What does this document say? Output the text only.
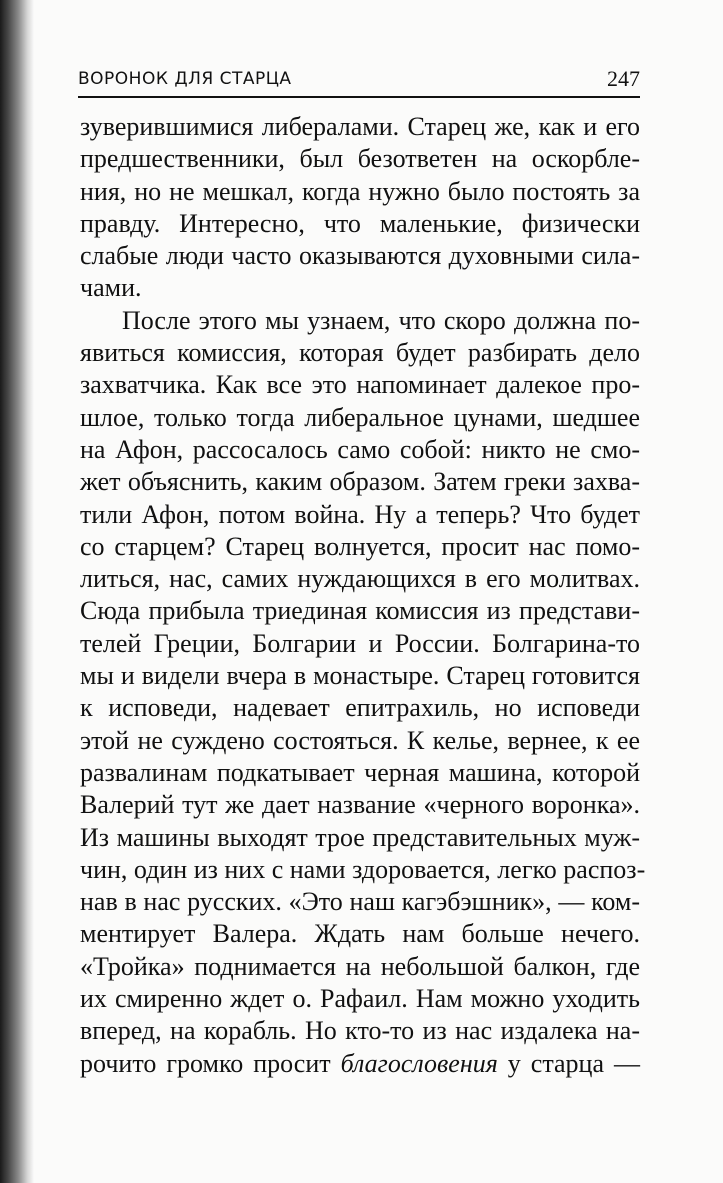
ВОРОНОК ДЛЯ СТАРЦА	247
зуверившимися либералами. Старец же, как и его
предшественники, был безответен на оскорбле-
ния, но не мешкал, когда нужно было постоять за
правду. Интересно, что маленькие, физически
слабые люди часто оказываются духовными сила-
чами.
После этого мы узнаем, что скоро должна по-
явиться комиссия, которая будет разбирать дело
захватчика. Как все это напоминает далекое про-
шлое, только тогда либеральное цунами, шедшее
на Афон, рассосалось само собой: никто не смо-
жет объяснить, каким образом. Затем греки захва-
тили Афон, потом война. Ну а теперь? Что будет
со старцем? Старец волнуется, просит нас помо-
литься, нас, самих нуждающихся в его молитвах.
Сюда прибыла триединая комиссия из представи-
телей Греции, Болгарии и России. Болгарина-то
мы и видели вчера в монастыре. Старец готовится
к исповеди, надевает епитрахиль, но исповеди
этой не суждено состояться. К келье, вернее, к ее
развалинам подкатывает черная машина, которой
Валерий тут же дает название «черного воронка».
Из машины выходят трое представительных муж-
чин, один из них с нами здоровается, легко распоз-
нав в нас русских. «Это наш кагэбэшник», — ком-
ментирует Валера. Ждать нам больше нечего.
«Тройка» поднимается на небольшой балкон, где
их смиренно ждет о. Рафаил. Нам можно уходить
вперед, на корабль. Но кто-то из нас издалека на-
рочито громко просит благословения у старца —
